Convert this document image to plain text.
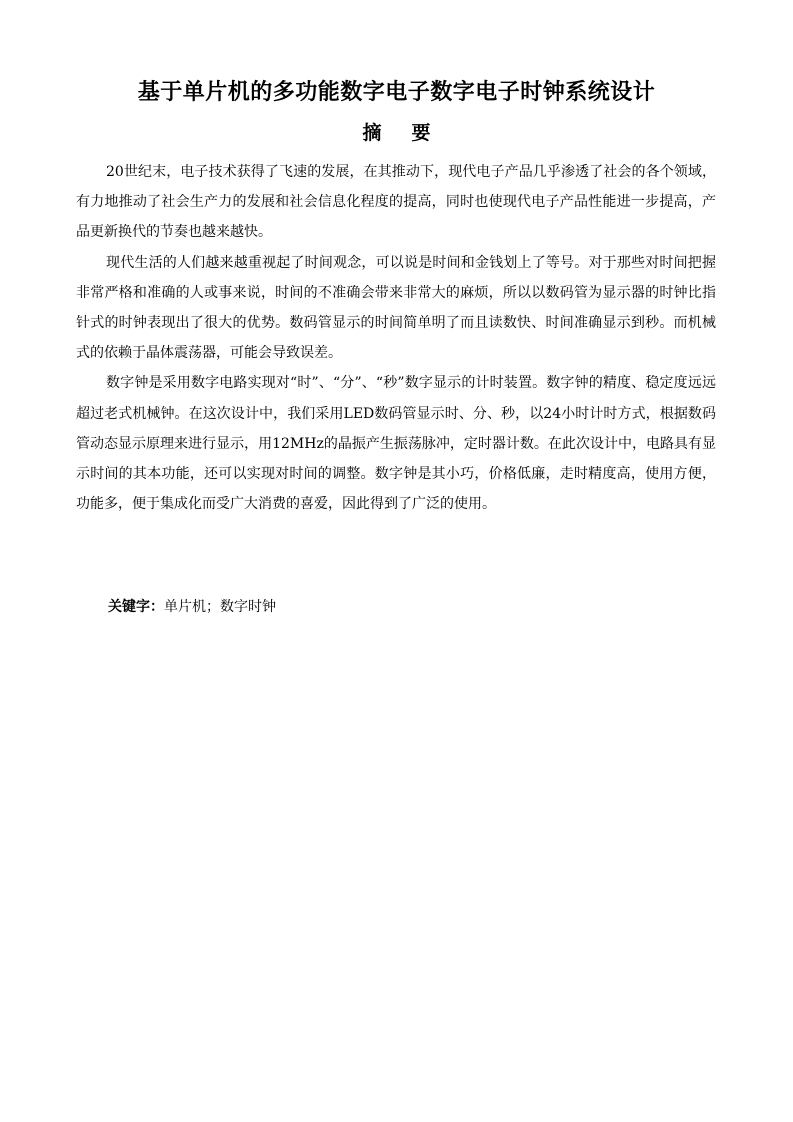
基于单片机的多功能数字电子数字电子时钟系统设计
摘 要

20世纪末，电子技术获得了飞速的发展，在其推动下，现代电子产品几乎渗透了社会的各个领域，有力地推动了社会生产力的发展和社会信息化程度的提高，同时也使现代电子产品性能进一步提高，产品更新换代的节奏也越来越快。

现代生活的人们越来越重视起了时间观念，可以说是时间和金钱划上了等号。对于那些对时间把握非常严格和准确的人或事来说，时间的不准确会带来非常大的麻烦，所以以数码管为显示器的时钟比指针式的时钟表现出了很大的优势。数码管显示的时间简单明了而且读数快、时间准确显示到秒。而机械式的依赖于晶体震荡器，可能会导致误差。

数字钟是采用数字电路实现对“时”、“分”、“秒”数字显示的计时装置。数字钟的精度、稳定度远远超过老式机械钟。在这次设计中，我们采用LED数码管显示时、分、秒，以24小时计时方式，根据数码管动态显示原理来进行显示，用12MHz的晶振产生振荡脉冲，定时器计数。在此次设计中，电路具有显示时间的其本功能，还可以实现对时间的调整。数字钟是其小巧，价格低廉，走时精度高，使用方便，功能多，便于集成化而受广大消费的喜爱，因此得到了广泛的使用。

关键字：单片机；数字时钟
